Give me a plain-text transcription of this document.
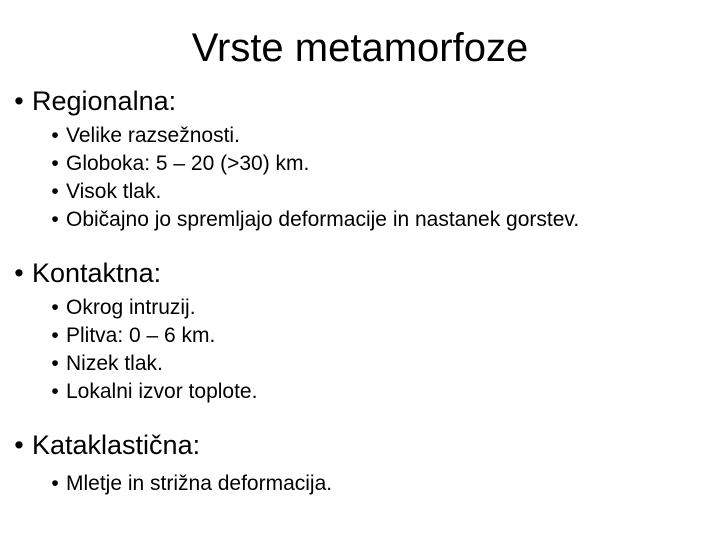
Vrste metamorfoze
• Regionalna:
• Velike razsežnosti.
• Globoka: 5 – 20 (>30) km.
• Visok tlak.
• Običajno jo spremljajo deformacije in nastanek gorstev.
• Kontaktna:
• Okrog intruzij.
• Plitva: 0 – 6 km.
• Nizek tlak.
• Lokalni izvor toplote.
• Kataklastična:
• Mletje in strižna deformacija.
